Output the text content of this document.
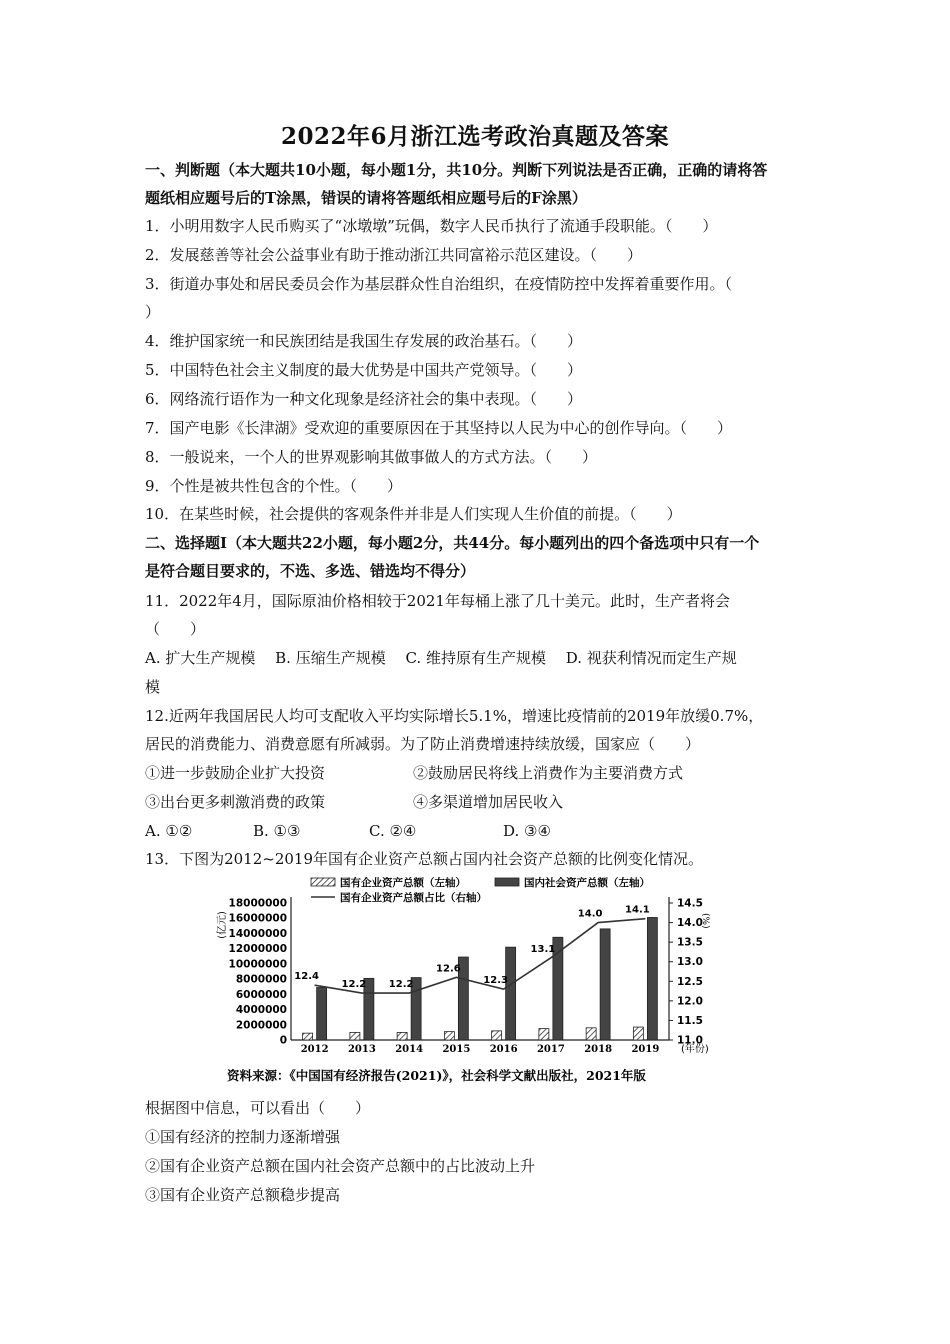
2022年6月浙江选考政治真题及答案
一、判断题（本大题共10小题，每小题1分，共10分。判断下列说法是否正确，正确的请将答
题纸相应题号后的T涂黑，错误的请将答题纸相应题号后的F涂黑）
1．小明用数字人民币购买了“冰墩墩”玩偶，数字人民币执行了流通手段职能。（　　）
2．发展慈善等社会公益事业有助于推动浙江共同富裕示范区建设。（　　）
3．街道办事处和居民委员会作为基层群众性自治组织，在疫情防控中发挥着重要作用。（
）
4．维护国家统一和民族团结是我国生存发展的政治基石。（　　）
5．中国特色社会主义制度的最大优势是中国共产党领导。（　　）
6．网络流行语作为一种文化现象是经济社会的集中表现。（　　）
7．国产电影《长津湖》受欢迎的重要原因在于其坚持以人民为中心的创作导向。（　　）
8．一般说来，一个人的世界观影响其做事做人的方式方法。（　　）
9．个性是被共性包含的个性。（　　）
10．在某些时候，社会提供的客观条件并非是人们实现人生价值的前提。（　　）
二、选择题Ⅰ（本大题共22小题，每小题2分，共44分。每小题列出的四个备选项中只有一个
是符合题目要求的，不选、多选、错选均不得分）
11．2022年4月，国际原油价格相较于2021年每桶上涨了几十美元。此时，生产者将会
（　　）
A. 扩大生产规模　 B. 压缩生产规模　 C. 维持原有生产规模　 D. 视获利情况而定生产规
模
12.近两年我国居民人均可支配收入平均实际增长5.1%，增速比疫情前的2019年放缓0.7%，
居民的消费能力、消费意愿有所减弱。为了防止消费增速持续放缓，国家应（　　）
①进一步鼓励企业扩大投资	②鼓励居民将线上消费作为主要消费方式
③出台更多刺激消费的政策	④多渠道增加居民收入
A. ①②	B. ①③	C. ②④	D. ③④
13．下图为2012~2019年国有企业资产总额占国内社会资产总额的比例变化情况。
18000000
16000000
14000000
12000000
10000000
8000000
6000000
4000000
2000000
0
14.5
14.0
13.5
13.0
12.5
12.0
11.5
11.0
(亿元)	(%)
2012 2013 2014 2015 2016 2017 2018 2019
12.4
12.2 12.2
12.6
12.3
13.1
14.0 14.1
(年份)
国有企业资产总额（左轴）	国内社会资产总额（左轴）
国有企业资产总额占比（右轴）
资料来源：《中国国有经济报告(2021)》，社会科学文献出版社，2021年版
根据图中信息，可以看出（　　）
①国有经济的控制力逐渐增强
②国有企业资产总额在国内社会资产总额中的占比波动上升
③国有企业资产总额稳步提高
